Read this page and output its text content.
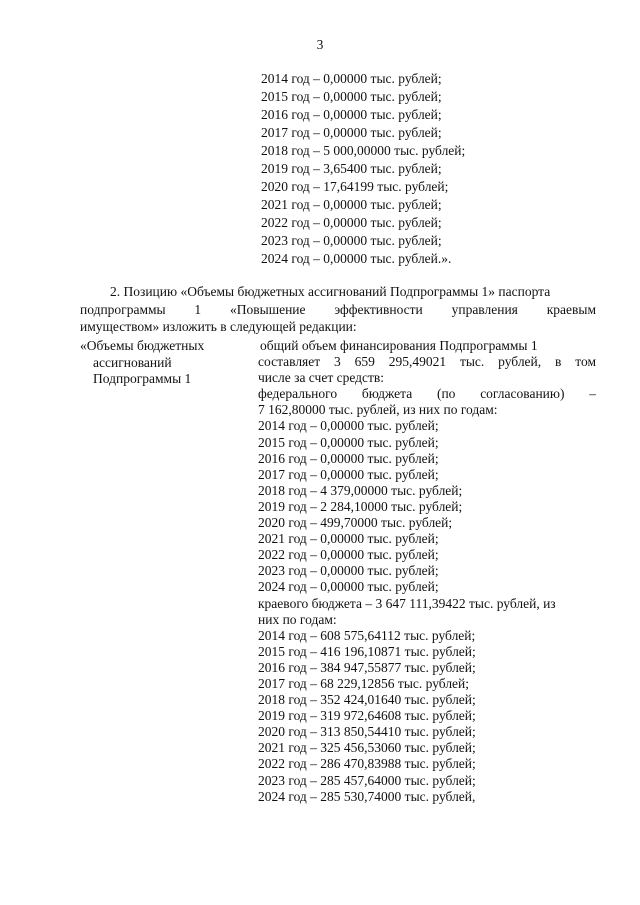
3
2014 год – 0,00000 тыс. рублей;
2015 год – 0,00000 тыс. рублей;
2016 год – 0,00000 тыс. рублей;
2017 год – 0,00000 тыс. рублей;
2018 год – 5 000,00000 тыс. рублей;
2019 год – 3,65400 тыс. рублей;
2020 год – 17,64199 тыс. рублей;
2021 год – 0,00000 тыс. рублей;
2022 год – 0,00000 тыс. рублей;
2023 год – 0,00000 тыс. рублей;
2024 год – 0,00000 тыс. рублей.».
2. Позицию «Объемы бюджетных ассигнований Подпрограммы 1» паспорта
подпрограммы 1 «Повышение эффективности управления краевым
имуществом» изложить в следующей редакции:
«Объемы бюджетных
ассигнований
Подпрограммы 1
общий объем финансирования Подпрограммы 1
составляет 3 659 295,49021 тыс. рублей, в том
числе за счет средств:
федерального бюджета (по согласованию) –
7 162,80000 тыс. рублей, из них по годам:
2014 год – 0,00000 тыс. рублей;
2015 год – 0,00000 тыс. рублей;
2016 год – 0,00000 тыс. рублей;
2017 год – 0,00000 тыс. рублей;
2018 год – 4 379,00000 тыс. рублей;
2019 год – 2 284,10000 тыс. рублей;
2020 год – 499,70000 тыс. рублей;
2021 год – 0,00000 тыс. рублей;
2022 год – 0,00000 тыс. рублей;
2023 год – 0,00000 тыс. рублей;
2024 год – 0,00000 тыс. рублей;
краевого бюджета – 3 647 111,39422 тыс. рублей, из
них по годам:
2014 год – 608 575,64112 тыс. рублей;
2015 год – 416 196,10871 тыс. рублей;
2016 год – 384 947,55877 тыс. рублей;
2017 год – 68 229,12856 тыс. рублей;
2018 год – 352 424,01640 тыс. рублей;
2019 год – 319 972,64608 тыс. рублей;
2020 год – 313 850,54410 тыс. рублей;
2021 год – 325 456,53060 тыс. рублей;
2022 год – 286 470,83988 тыс. рублей;
2023 год – 285 457,64000 тыс. рублей;
2024 год – 285 530,74000 тыс. рублей,
